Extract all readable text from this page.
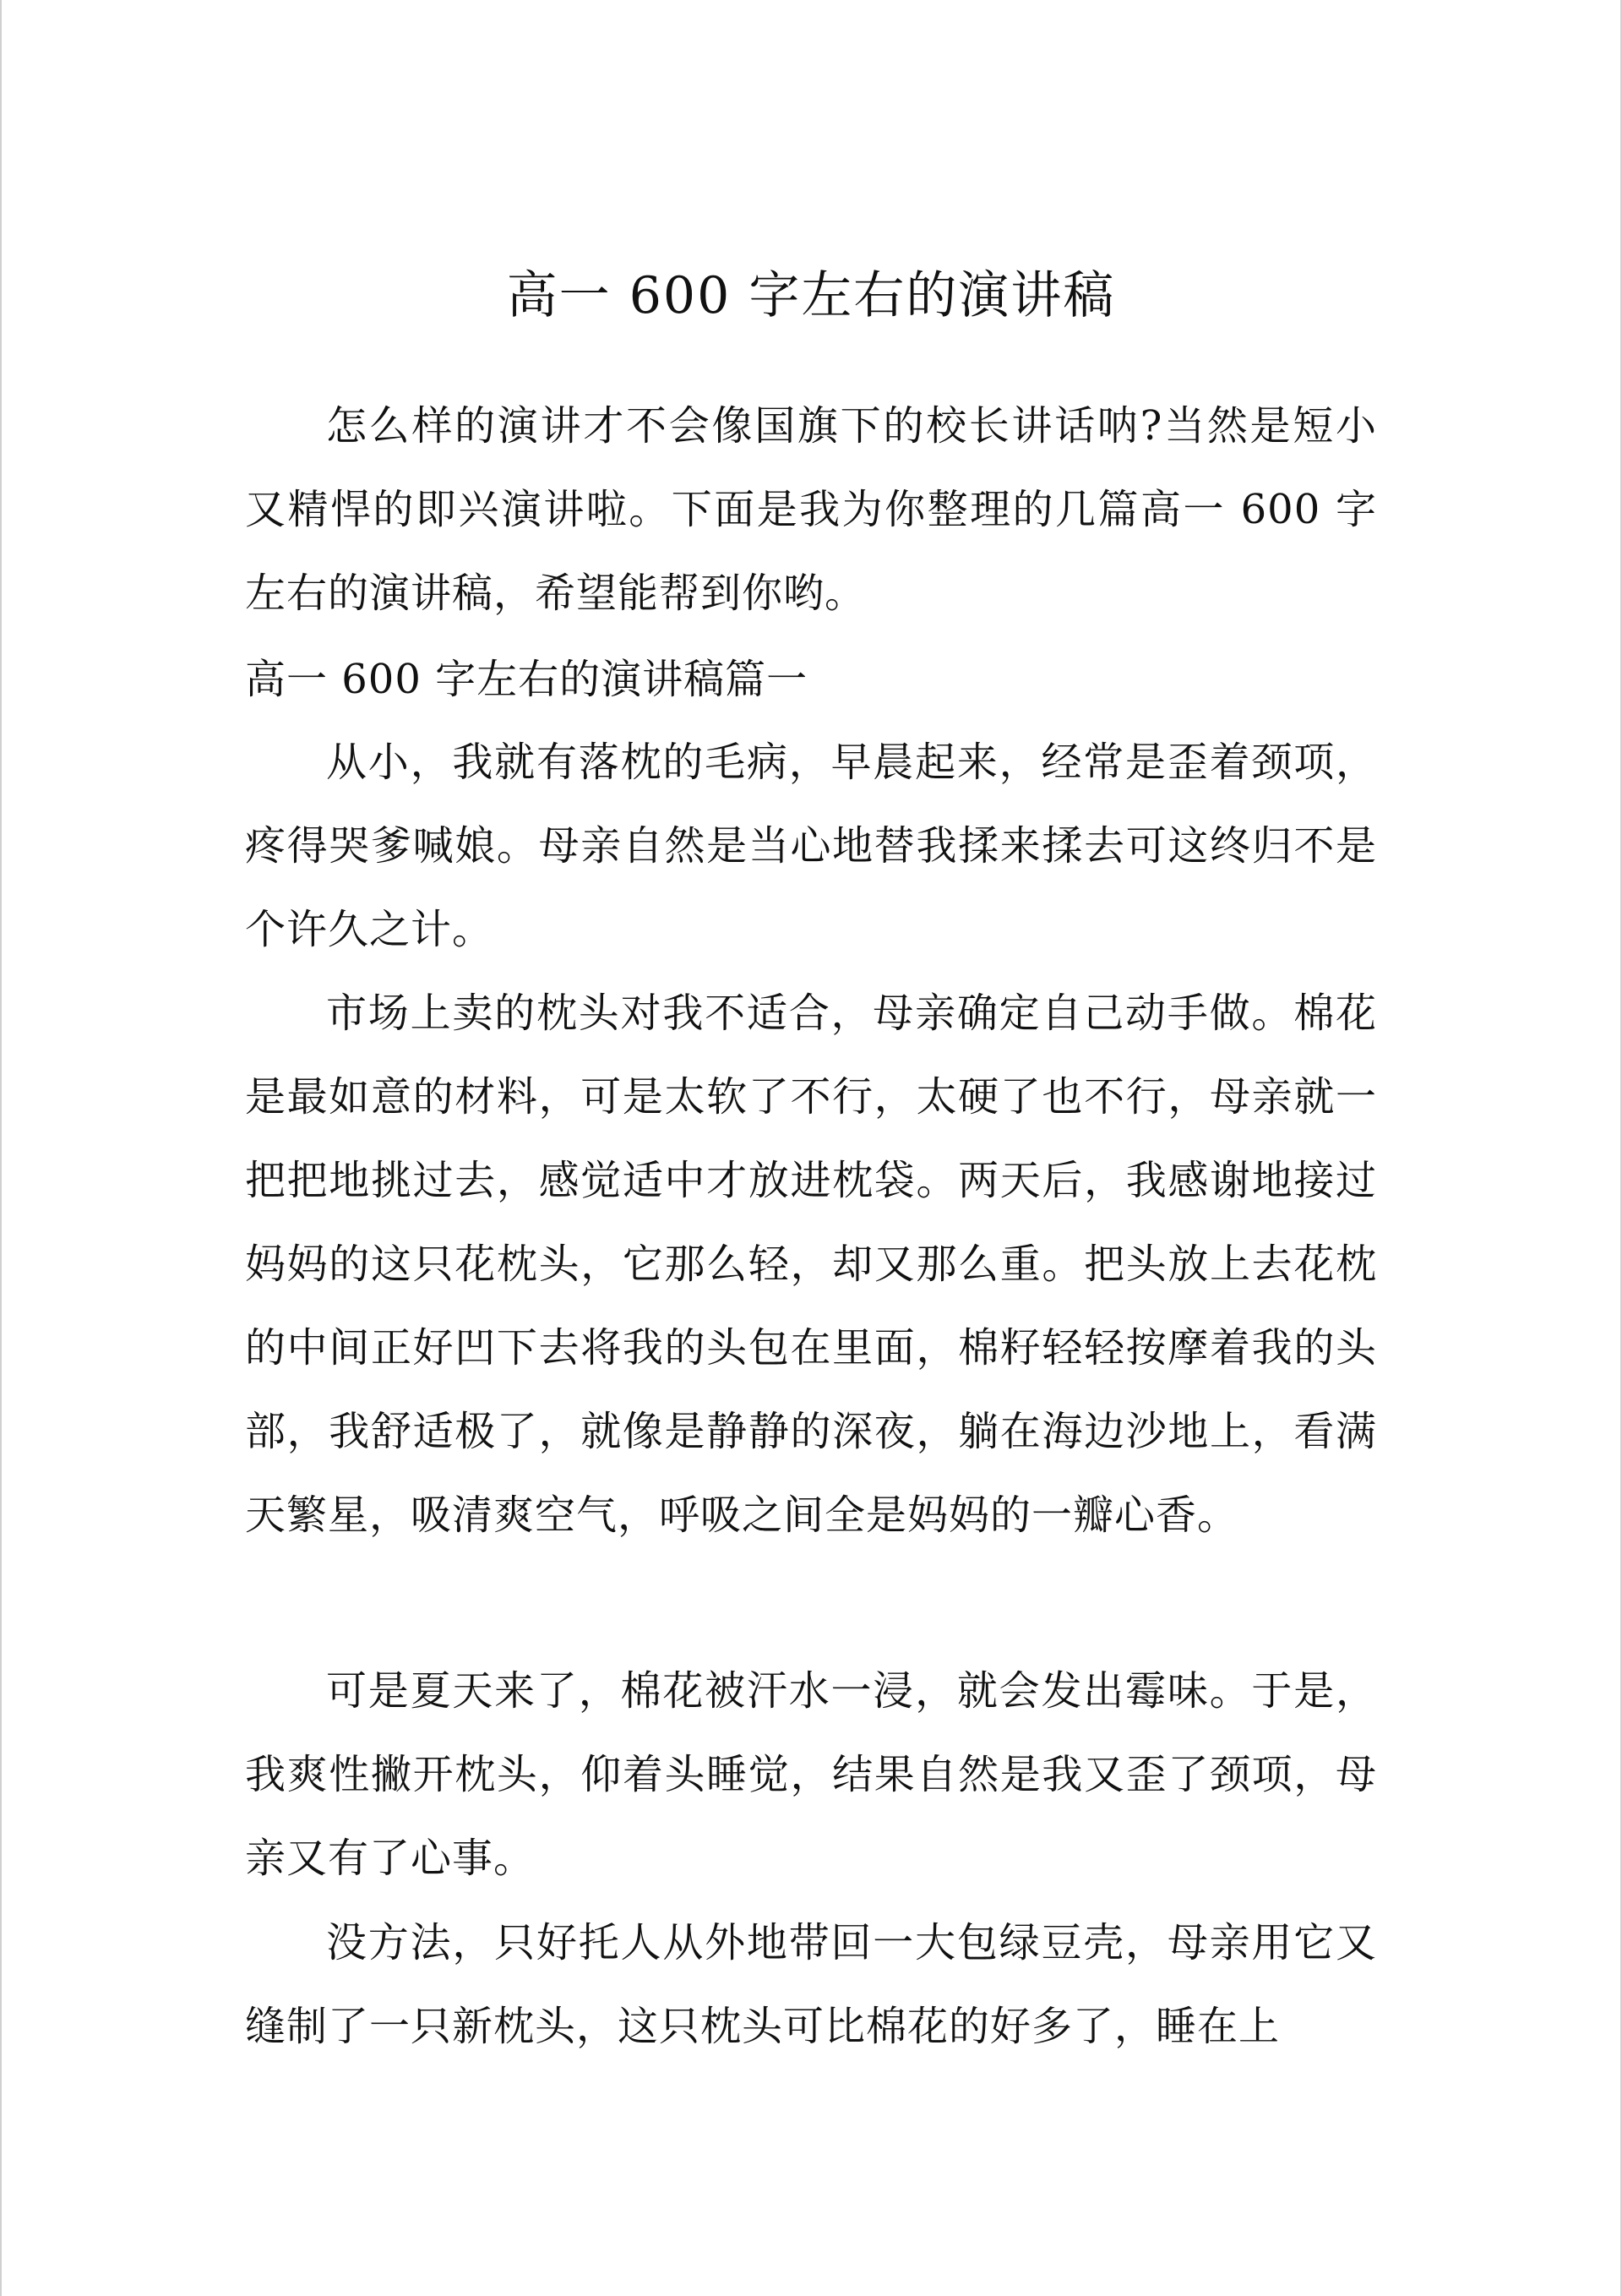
高一 600 字左右的演讲稿

怎么样的演讲才不会像国旗下的校长讲话呐?当然是短小又精悍的即兴演讲啦。下面是我为你整理的几篇高一 600 字左右的演讲稿，希望能帮到你哟。

高一 600 字左右的演讲稿篇一

从小，我就有落枕的毛病，早晨起来，经常是歪着颈项，疼得哭爹喊娘。母亲自然是当心地替我揉来揉去可这终归不是个许久之计。

市场上卖的枕头对我不适合，母亲确定自己动手做。棉花是最如意的材料，可是太软了不行，太硬了也不行，母亲就一把把地挑过去，感觉适中才放进枕袋。两天后，我感谢地接过妈妈的这只花枕头，它那么轻，却又那么重。把头放上去花枕的中间正好凹下去将我的头包在里面，棉籽轻轻按摩着我的头部，我舒适极了，就像是静静的深夜，躺在海边沙地上，看满天繁星，吸清爽空气，呼吸之间全是妈妈的一瓣心香。

可是夏天来了，棉花被汗水一浸，就会发出霉味。于是，我爽性撇开枕头，仰着头睡觉，结果自然是我又歪了颈项，母亲又有了心事。

没方法，只好托人从外地带回一大包绿豆壳，母亲用它又缝制了一只新枕头，这只枕头可比棉花的好多了，睡在上
